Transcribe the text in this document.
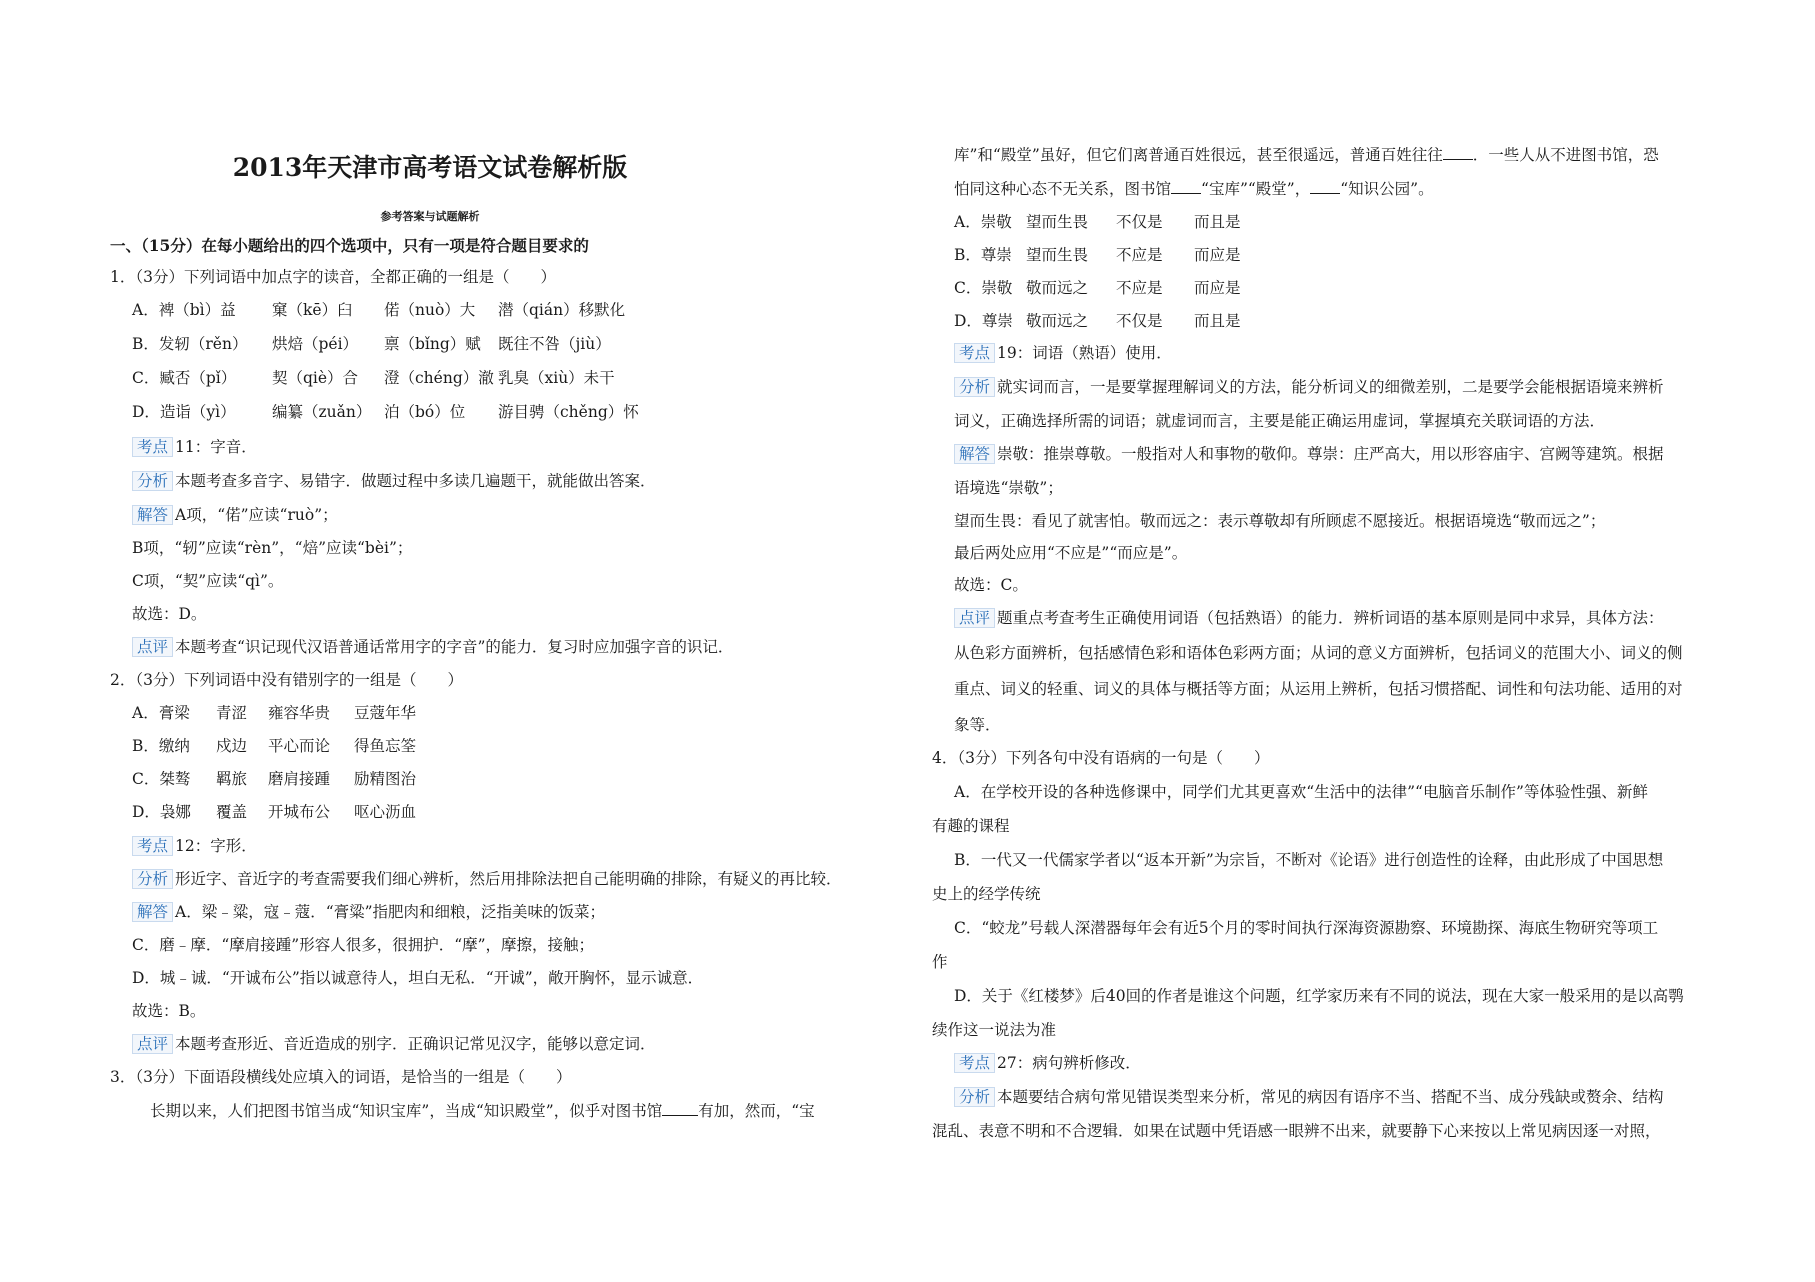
2013年天津市高考语文试卷解析版
参考答案与试题解析
一、（15分）在每小题给出的四个选项中，只有一项是符合题目要求的
1．（3分）下列词语中加点字的读音，全都正确的一组是（　　）
A．裨（bì）益 窠（kē）臼 偌（nuò）大 潜（qián）移默化
B．发轫（rěn） 烘焙（péi） 禀（bǐng）赋 既往不咎（jiù）
C．臧否（pǐ） 契（qiè）合 澄（chéng）澈 乳臭（xiù）未干
D．造诣（yì） 编纂（zuǎn） 泊（bó）位 游目骋（chěng）怀
考点 11：字音．
分析 本题考查多音字、易错字．做题过程中多读几遍题干，就能做出答案．
解答 A项，“偌”应读“ruò”；
B项，“轫”应读“rèn”，“焙”应读“bèi”；
C项，“契”应读“qì”。
故选：D。
点评 本题考查“识记现代汉语普通话常用字的字音”的能力．复习时应加强字音的识记．
2．（3分）下列词语中没有错别字的一组是（　　）
A．膏梁 青涩 雍容华贵 豆蔻年华
B．缴纳 戍边 平心而论 得鱼忘筌
C．桀骜 羁旅 磨肩接踵 励精图治
D．袅娜 覆盖 开城布公 呕心沥血
考点 12：字形．
分析 形近字、音近字的考查需要我们细心辨析，然后用排除法把自己能明确的排除，有疑义的再比较．
解答 A．梁﹣粱，寇﹣蔻．“膏粱”指肥肉和细粮，泛指美味的饭菜；
C．磨﹣摩．“摩肩接踵”形容人很多，很拥护．“摩”，摩擦，接触；
D．城﹣诚．“开诚布公”指以诚意待人，坦白无私．“开诚”，敞开胸怀，显示诚意．
故选：B。
点评 本题考查形近、音近造成的别字．正确识记常见汉字，能够以意定词．
3．（3分）下面语段横线处应填入的词语，是恰当的一组是（　　）
长期以来，人们把图书馆当成“知识宝库”，当成“知识殿堂”，似乎对图书馆 有加，然而，“宝
库”和“殿堂”虽好，但它们离普通百姓很远，甚至很遥远，普通百姓往往 ．一些人从不进图书馆，恐
怕同这种心态不无关系，图书馆 “宝库”“殿堂”， “知识公园”。
A．崇敬 望而生畏 不仅是 而且是
B．尊崇 望而生畏 不应是 而应是
C．崇敬 敬而远之 不应是 而应是
D．尊崇 敬而远之 不仅是 而且是
考点 19：词语（熟语）使用．
分析 就实词而言，一是要掌握理解词义的方法，能分析词义的细微差别，二是要学会能根据语境来辨析
词义，正确选择所需的词语；就虚词而言，主要是能正确运用虚词，掌握填充关联词语的方法．
解答 崇敬：推崇尊敬。一般指对人和事物的敬仰。尊崇：庄严高大，用以形容庙宇、宫阙等建筑。根据
语境选“崇敬”；
望而生畏：看见了就害怕。敬而远之：表示尊敬却有所顾虑不愿接近。根据语境选“敬而远之”；
最后两处应用“不应是”“而应是”。
故选：C。
点评 题重点考查考生正确使用词语（包括熟语）的能力．辨析词语的基本原则是同中求异，具体方法：
从色彩方面辨析，包括感情色彩和语体色彩两方面；从词的意义方面辨析，包括词义的范围大小、词义的侧
重点、词义的轻重、词义的具体与概括等方面；从运用上辨析，包括习惯搭配、词性和句法功能、适用的对
象等．
4．（3分）下列各句中没有语病的一句是（　　）
A．在学校开设的各种选修课中，同学们尤其更喜欢“生活中的法律”“电脑音乐制作”等体验性强、新鲜
有趣的课程
B．一代又一代儒家学者以“返本开新”为宗旨，不断对《论语》进行创造性的诠释，由此形成了中国思想
史上的经学传统
C．“蛟龙”号载人深潜器每年会有近5个月的零时间执行深海资源勘察、环境勘探、海底生物研究等项工
作
D．关于《红楼梦》后40回的作者是谁这个问题，红学家历来有不同的说法，现在大家一般采用的是以高鹗
续作这一说法为准
考点 27：病句辨析修改．
分析 本题要结合病句常见错误类型来分析，常见的病因有语序不当、搭配不当、成分残缺或赘余、结构
混乱、表意不明和不合逻辑．如果在试题中凭语感一眼辨不出来，就要静下心来按以上常见病因逐一对照，
